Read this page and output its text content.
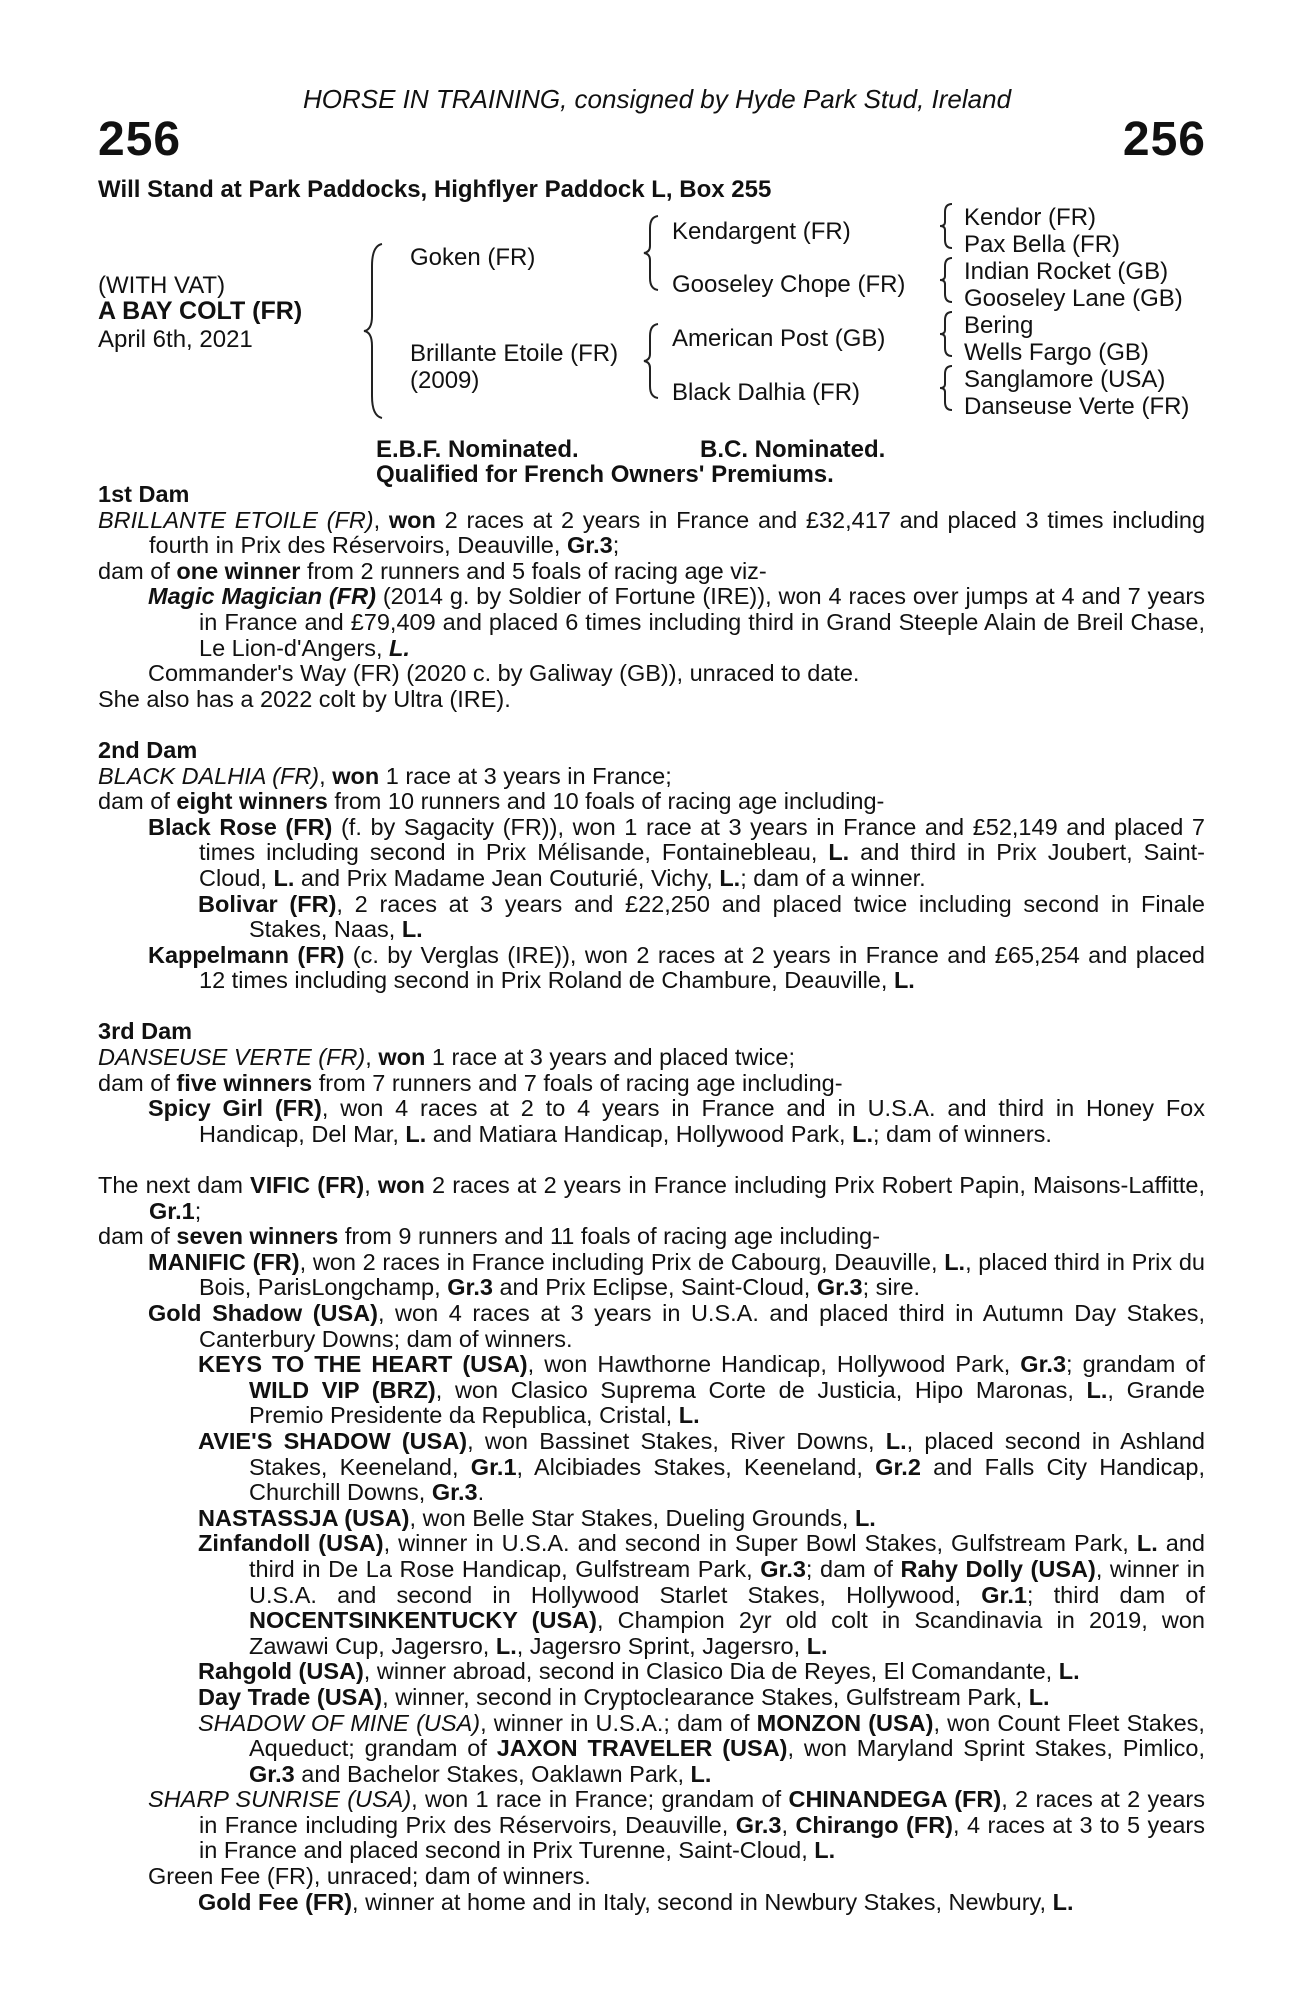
HORSE IN TRAINING, consigned by Hyde Park Stud, Ireland
256	256
Will Stand at Park Paddocks, Highflyer Paddock L, Box 255
(WITH VAT)
A BAY COLT (FR)
April 6th, 2021
Goken (FR)
Brillante Etoile (FR)
(2009)
Kendargent (FR)
Gooseley Chope (FR)
American Post (GB)
Black Dalhia (FR)
Kendor (FR)
Pax Bella (FR)
Indian Rocket (GB)
Gooseley Lane (GB)
Bering
Wells Fargo (GB)
Sanglamore (USA)
Danseuse Verte (FR)
E.B.F. Nominated.	B.C. Nominated.
Qualified for French Owners' Premiums.
1st Dam

BRILLANTE ETOILE (FR), won 2 races at 2 years in France and £32,417 and placed 3 times including fourth in Prix des Réservoirs, Deauville, Gr.3;

dam of one winner from 2 runners and 5 foals of racing age viz-

Magic Magician (FR) (2014 g. by Soldier of Fortune (IRE)), won 4 races over jumps at 4 and 7 years in France and £79,409 and placed 6 times including third in Grand Steeple Alain de Breil Chase, Le Lion-d'Angers, L.

Commander's Way (FR) (2020 c. by Galiway (GB)), unraced to date.

She also has a 2022 colt by Ultra (IRE).

2nd Dam

BLACK DALHIA (FR), won 1 race at 3 years in France;

dam of eight winners from 10 runners and 10 foals of racing age including-

Black Rose (FR) (f. by Sagacity (FR)), won 1 race at 3 years in France and £52,149 and placed 7 times including second in Prix Mélisande, Fontainebleau, L. and third in Prix Joubert, Saint-Cloud, L. and Prix Madame Jean Couturié, Vichy, L.; dam of a winner.

Bolivar (FR), 2 races at 3 years and £22,250 and placed twice including second in Finale Stakes, Naas, L.

Kappelmann (FR) (c. by Verglas (IRE)), won 2 races at 2 years in France and £65,254 and placed 12 times including second in Prix Roland de Chambure, Deauville, L.

3rd Dam

DANSEUSE VERTE (FR), won 1 race at 3 years and placed twice;

dam of five winners from 7 runners and 7 foals of racing age including-

Spicy Girl (FR), won 4 races at 2 to 4 years in France and in U.S.A. and third in Honey Fox Handicap, Del Mar, L. and Matiara Handicap, Hollywood Park, L.; dam of winners.

The next dam VIFIC (FR), won 2 races at 2 years in France including Prix Robert Papin, Maisons-Laffitte, Gr.1;

dam of seven winners from 9 runners and 11 foals of racing age including-

MANIFIC (FR), won 2 races in France including Prix de Cabourg, Deauville, L., placed third in Prix du Bois, ParisLongchamp, Gr.3 and Prix Eclipse, Saint-Cloud, Gr.3; sire.

Gold Shadow (USA), won 4 races at 3 years in U.S.A. and placed third in Autumn Day Stakes, Canterbury Downs; dam of winners.

KEYS TO THE HEART (USA), won Hawthorne Handicap, Hollywood Park, Gr.3; grandam of WILD VIP (BRZ), won Clasico Suprema Corte de Justicia, Hipo Maronas, L., Grande Premio Presidente da Republica, Cristal, L.

AVIE'S SHADOW (USA), won Bassinet Stakes, River Downs, L., placed second in Ashland Stakes, Keeneland, Gr.1, Alcibiades Stakes, Keeneland, Gr.2 and Falls City Handicap, Churchill Downs, Gr.3.

NASTASSJA (USA), won Belle Star Stakes, Dueling Grounds, L.

Zinfandoll (USA), winner in U.S.A. and second in Super Bowl Stakes, Gulfstream Park, L. and third in De La Rose Handicap, Gulfstream Park, Gr.3; dam of Rahy Dolly (USA), winner in U.S.A. and second in Hollywood Starlet Stakes, Hollywood, Gr.1; third dam of NOCENTSINKENTUCKY (USA), Champion 2yr old colt in Scandinavia in 2019, won Zawawi Cup, Jagersro, L., Jagersro Sprint, Jagersro, L.

Rahgold (USA), winner abroad, second in Clasico Dia de Reyes, El Comandante, L.

Day Trade (USA), winner, second in Cryptoclearance Stakes, Gulfstream Park, L.

SHADOW OF MINE (USA), winner in U.S.A.; dam of MONZON (USA), won Count Fleet Stakes, Aqueduct; grandam of JAXON TRAVELER (USA), won Maryland Sprint Stakes, Pimlico, Gr.3 and Bachelor Stakes, Oaklawn Park, L.

SHARP SUNRISE (USA), won 1 race in France; grandam of CHINANDEGA (FR), 2 races at 2 years in France including Prix des Réservoirs, Deauville, Gr.3, Chirango (FR), 4 races at 3 to 5 years in France and placed second in Prix Turenne, Saint-Cloud, L.

Green Fee (FR), unraced; dam of winners.

Gold Fee (FR), winner at home and in Italy, second in Newbury Stakes, Newbury, L.
